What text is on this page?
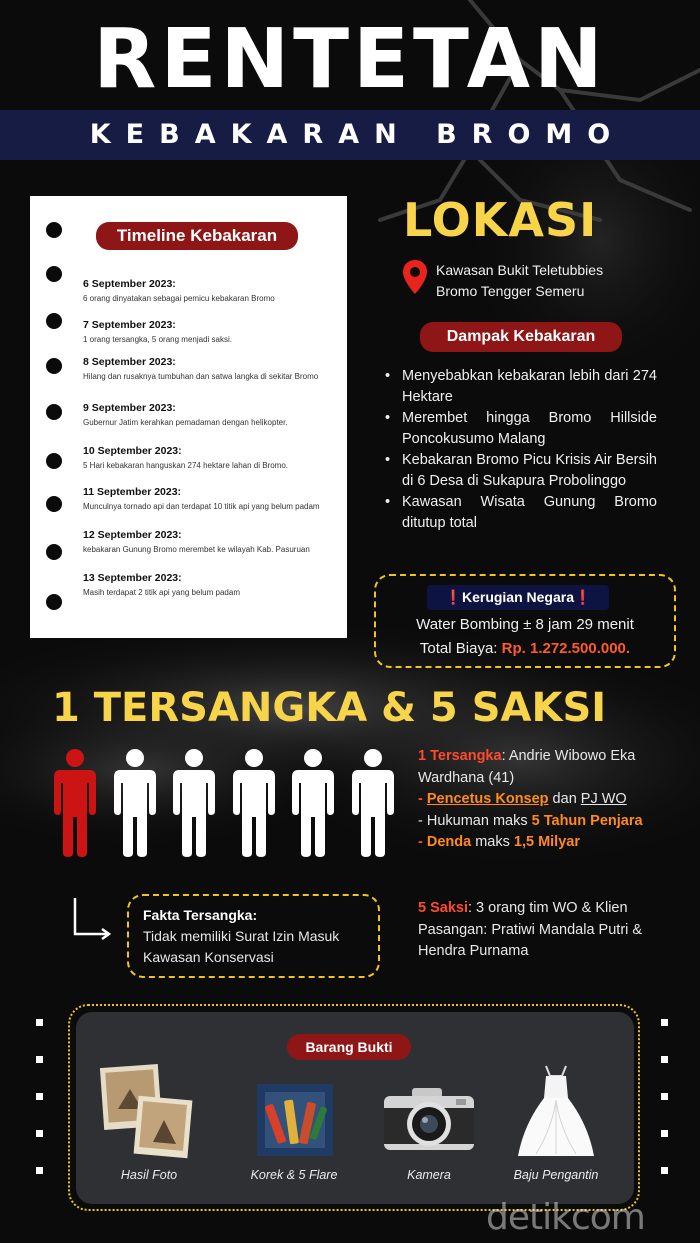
RENTETAN
KEBAKARAN BROMO
Timeline Kebakaran
6 September 2023:
6 orang dinyatakan sebagai pemicu kebakaran Bromo
7 September 2023:
1 orang tersangka, 5 orang menjadi saksi.
8 September 2023:
Hilang dan rusaknya tumbuhan dan satwa langka di sekitar Bromo
9 September 2023:
Gubernur Jatim kerahkan pemadaman dengan helikopter.
10 September 2023:
5 Hari kebakaran hanguskan 274 hektare lahan di Bromo.
11 September 2023:
Munculnya tornado api dan terdapat 10 titik api yang belum padam
12 September 2023:
kebakaran Gunung Bromo merembet ke wilayah Kab. Pasuruan
13 September 2023:
Masih terdapat 2 titik api yang belum padam
LOKASI
Kawasan Bukit Teletubbies
Bromo Tengger Semeru
Dampak Kebakaran
• Menyebabkan kebakaran lebih dari 274 Hektare
• Merembet hingga Bromo Hillside Poncokusumo Malang
• Kebakaran Bromo Picu Krisis Air Bersih di 6 Desa di Sukapura Probolinggo
• Kawasan Wisata Gunung Bromo ditutup total
❗Kerugian Negara❗
Water Bombing ± 8 jam 29 menit
Total Biaya: Rp. 1.272.500.000.
1 TERSANGKA & 5 SAKSI
1 Tersangka: Andrie Wibowo Eka Wardhana (41)
- Pencetus Konsep dan PJ WO
- Hukuman maks 5 Tahun Penjara
- Denda maks 1,5 Milyar
5 Saksi: 3 orang tim WO & Klien Pasangan: Pratiwi Mandala Putri & Hendra Purnama
Fakta Tersangka:
Tidak memiliki Surat Izin Masuk Kawasan Konservasi
Barang Bukti
Hasil Foto	Korek & 5 Flare	Kamera	Baju Pengantin
detikcom
